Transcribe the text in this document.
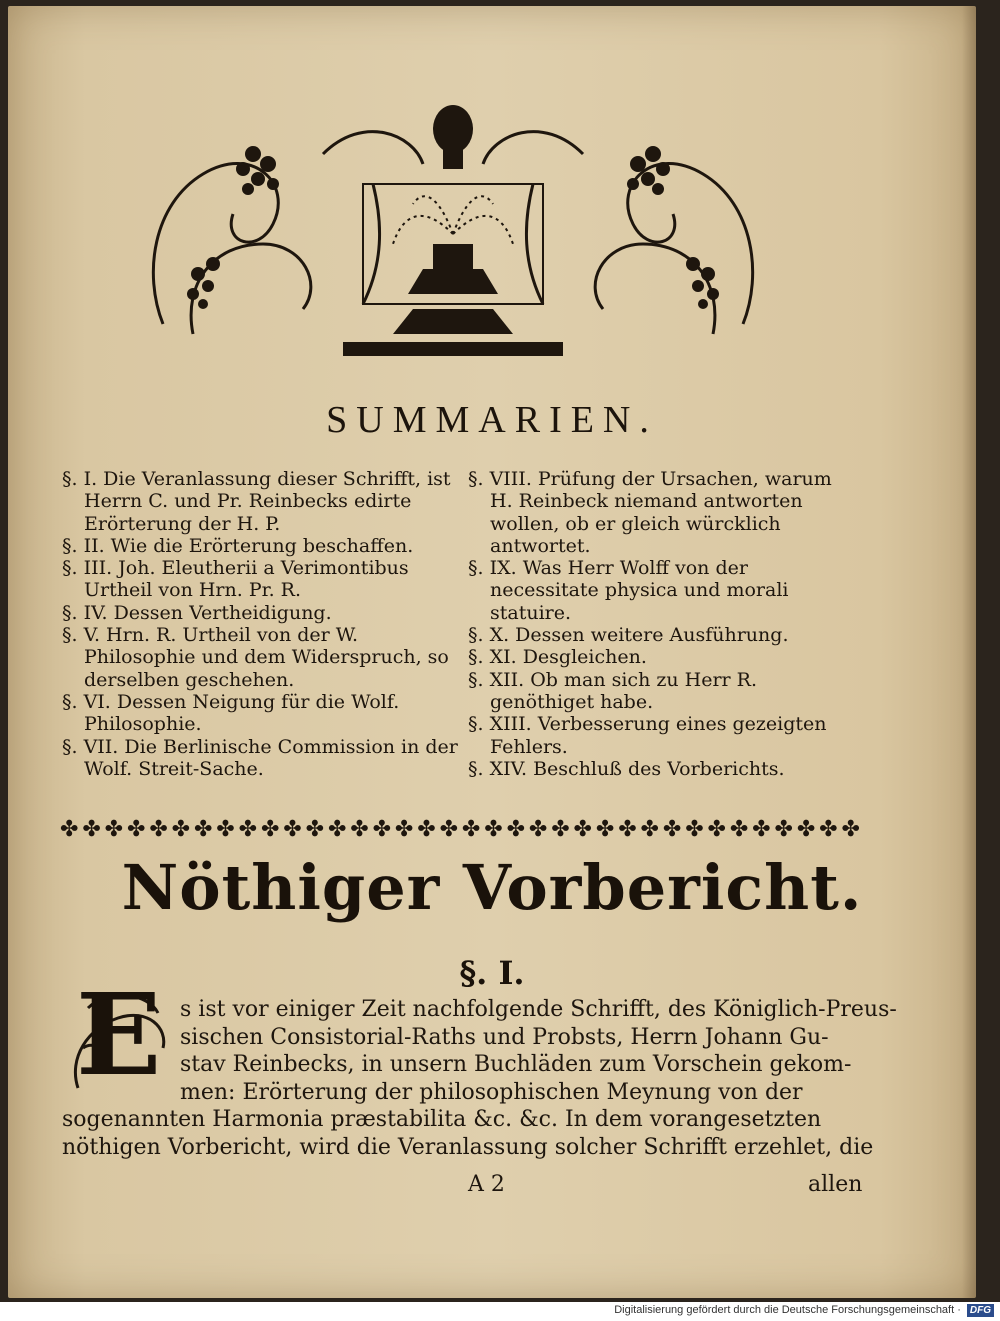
SUMMARIEN.
§. I. Die Veranlassung dieser Schrifft, ist Herrn C. und Pr. Reinbecks edirte Erörterung der H. P.
§. II. Wie die Erörterung beschaffen.
§. III. Joh. Eleutherii a Verimontibus Urtheil von Hrn. Pr. R.
§. IV. Dessen Vertheidigung.
§. V. Hrn. R. Urtheil von der W. Philosophie und dem Widerspruch, so derselben geschehen.
§. VI. Dessen Neigung für die Wolf. Philosophie.
§. VII. Die Berlinische Commission in der Wolf. Streit-Sache.
§. VIII. Prüfung der Ursachen, warum H. Reinbeck niemand antworten wollen, ob er gleich würcklich antwortet.
§. IX. Was Herr Wolff von der necessitate physica und morali statuire.
§. X. Dessen weitere Ausführung.
§. XI. Desgleichen.
§. XII. Ob man sich zu Herr R. genöthiget habe.
§. XIII. Verbesserung eines gezeigten Fehlers.
§. XIV. Beschluß des Vorberichts.
✤ ✤ ✤ ✤ ✤ ✤ ✤ ✤ ✤ ✤ ✤ ✤ ✤ ✤ ✤ ✤ ✤ ✤ ✤ ✤ ✤ ✤ ✤ ✤ ✤ ✤ ✤ ✤ ✤ ✤ ✤ ✤ ✤ ✤ ✤ ✤
Nöthiger Vorbericht.
§. I.
E s ist vor einiger Zeit nachfolgende Schrifft, des Königlich-Preus-
sischen Consistorial-Raths und Probsts, Herrn Johann Gu-
stav Reinbecks, in unsern Buchläden zum Vorschein gekom-
men: Erörterung der philosophischen Meynung von der
sogenannten Harmonia præstabilita &c. &c. In dem vorangesetzten
nöthigen Vorbericht, wird die Veranlassung solcher Schrifft erzehlet, die
A 2	allen
Digitalisierung gefördert durch die Deutsche Forschungsgemeinschaft · DFG
